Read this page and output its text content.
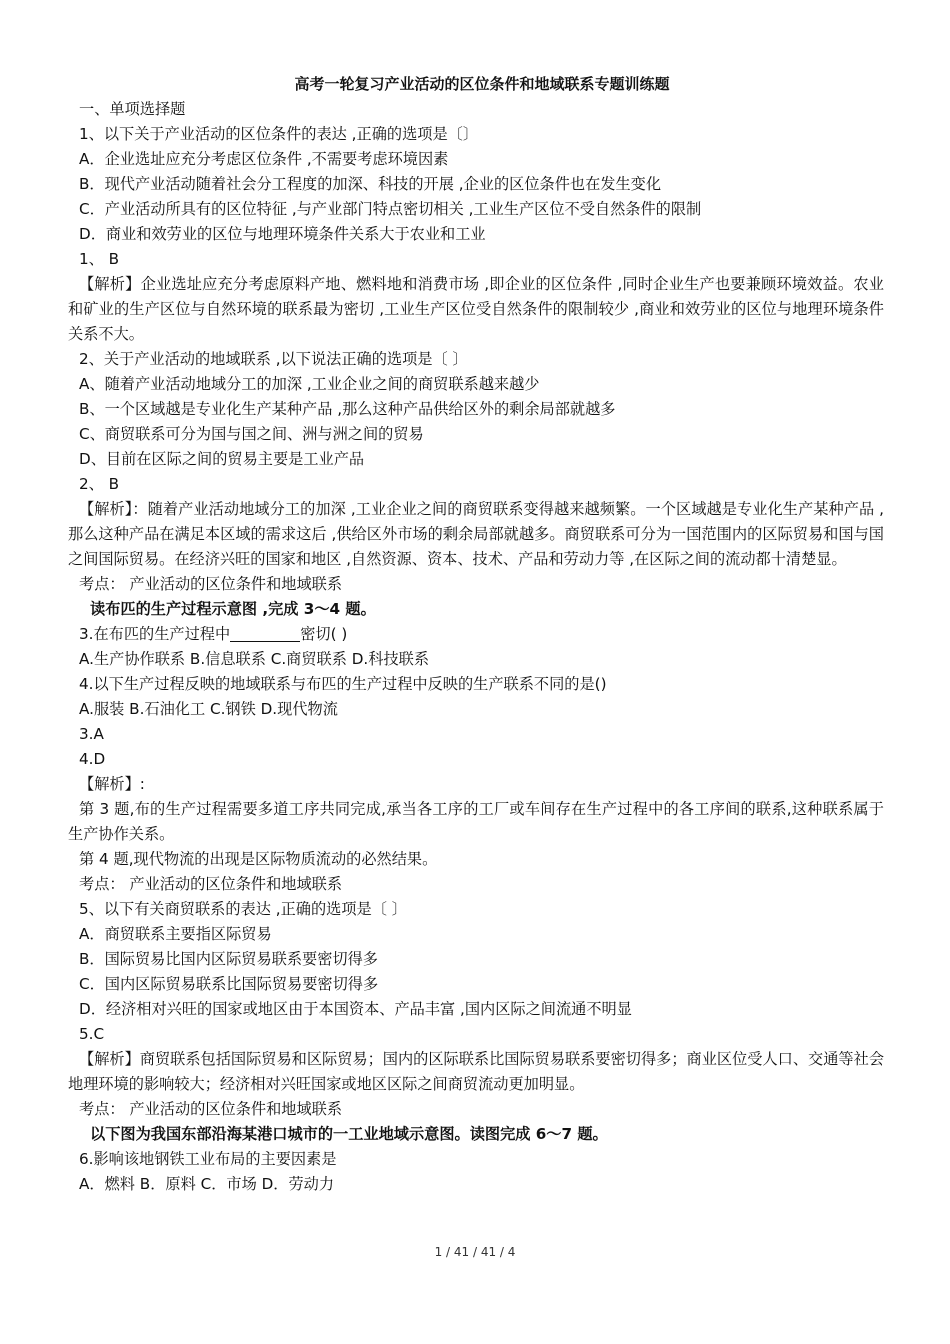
高考一轮复习产业活动的区位条件和地域联系专题训练题
一、单项选择题
1、以下关于产业活动的区位条件的表达 ,正确的选项是〔〕
A．企业选址应充分考虑区位条件 ,不需要考虑环境因素
B．现代产业活动随着社会分工程度的加深、科技的开展 ,企业的区位条件也在发生变化
C．产业活动所具有的区位特征 ,与产业部门特点密切相关 ,工业生产区位不受自然条件的限制
D．商业和效劳业的区位与地理环境条件关系大于农业和工业
1、 B
【解析】企业选址应充分考虑原料产地、燃料地和消费市场 ,即企业的区位条件 ,同时企业生产也要兼顾环境效益。农业和矿业的生产区位与自然环境的联系最为密切 ,工业生产区位受自然条件的限制较少 ,商业和效劳业的区位与地理环境条件关系不大。
2、关于产业活动的地域联系 ,以下说法正确的选项是〔 〕
A、随着产业活动地域分工的加深 ,工业企业之间的商贸联系越来越少
B、一个区域越是专业化生产某种产品 ,那么这种产品供给区外的剩余局部就越多
C、商贸联系可分为国与国之间、洲与洲之间的贸易
D、目前在区际之间的贸易主要是工业产品
2、 B
【解析】：随着产业活动地域分工的加深 ,工业企业之间的商贸联系变得越来越频繁。一个区域越是专业化生产某种产品 ,那么这种产品在满足本区域的需求这后 ,供给区外市场的剩余局部就越多。商贸联系可分为一国范围内的区际贸易和国与国之间国际贸易。在经济兴旺的国家和地区 ,自然资源、资本、技术、产品和劳动力等 ,在区际之间的流动都十清楚显。
考点： 产业活动的区位条件和地域联系
读布匹的生产过程示意图 ,完成 3～4 题。
3.在布匹的生产过程中	密切( )
A.生产协作联系 B.信息联系 C.商贸联系 D.科技联系
4.以下生产过程反映的地域联系与布匹的生产过程中反映的生产联系不同的是()
A.服装 B.石油化工 C.钢铁 D.现代物流
3.A
4.D
【解析】:
第 3 题,布的生产过程需要多道工序共同完成,承当各工序的工厂或车间存在生产过程中的各工序间的联系,这种联系属于生产协作关系。
第 4 题,现代物流的出现是区际物质流动的必然结果。
考点： 产业活动的区位条件和地域联系
5、以下有关商贸联系的表达 ,正确的选项是〔 〕
A．商贸联系主要指区际贸易
B．国际贸易比国内区际贸易联系要密切得多
C．国内区际贸易联系比国际贸易要密切得多
D．经济相对兴旺的国家或地区由于本国资本、产品丰富 ,国内区际之间流通不明显
5.C
【解析】商贸联系包括国际贸易和区际贸易；国内的区际联系比国际贸易联系要密切得多；商业区位受人口、交通等社会地理环境的影响较大；经济相对兴旺国家或地区区际之间商贸流动更加明显。
考点： 产业活动的区位条件和地域联系
以下图为我国东部沿海某港口城市的一工业地域示意图。读图完成 6～7 题。
6.影响该地钢铁工业布局的主要因素是
A．燃料 B．原料 C．市场 D．劳动力
1 / 41 / 41 / 4
